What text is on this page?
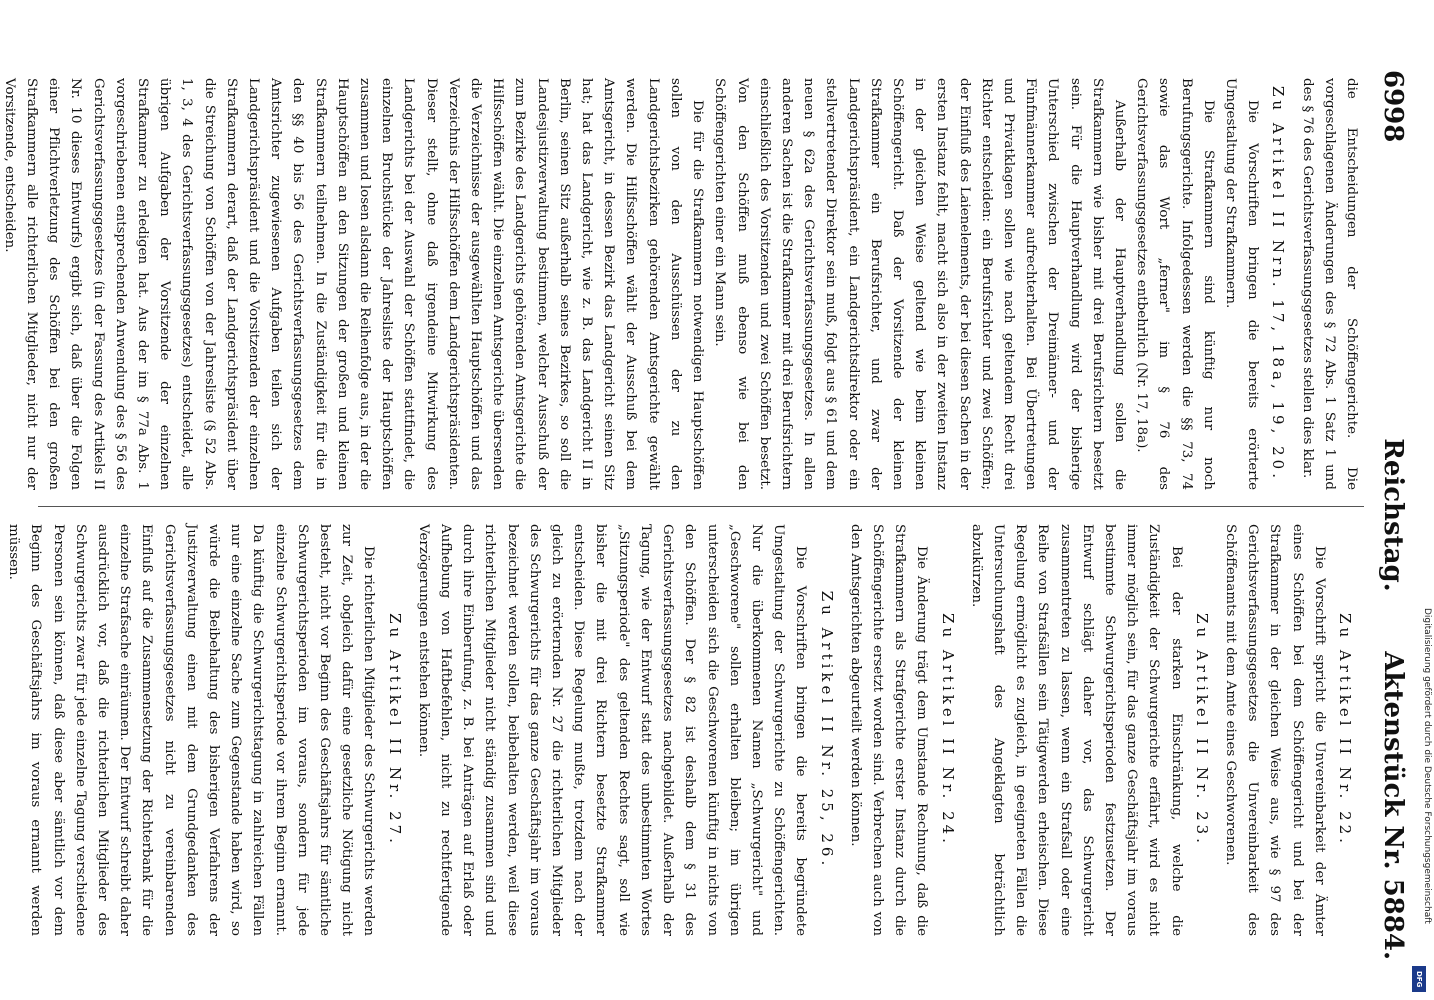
6998
Reichstag.
Aktenstück Nr. 5884.

die Entscheidungen der Schöffengerichte. Die vorgeschlagenen Änderungen des § 72 Abs. 1 Satz 1 und des § 76 des Gerichtsverfassungsgesetzes stellen dies klar.

Zu Artikel II Nrn. 17, 18a, 19, 20.

Die Vorschriften bringen die bereits erörterte Umgestaltung der Strafkammern.

Die Strafkammern sind künftig nur noch Berufungsgerichte. Infolgedessen werden die §§ 73, 74 sowie das Wort „ferner" im § 76 des Gerichtsverfassungsgesetzes entbehrlich (Nr. 17, 18a).

Außerhalb der Hauptverhandlung sollen die Strafkammern wie bisher mit drei Berufsrichtern besetzt sein. Für die Hauptverhandlung wird der bisherige Unterschied zwischen der Dreimänner- und der Fünfmännerkammer aufrechterhalten. Bei Übertretungen und Privatklagen sollen wie nach geltendem Recht drei Richter entscheiden: ein Berufsrichter und zwei Schöffen; der Einfluß des Laienelements, der bei diesen Sachen in der ersten Instanz fehlt, macht sich also in der zweiten Instanz in der gleichen Weise geltend wie beim kleinen Schöffengericht. Daß der Vorsitzende der kleinen Strafkammer ein Berufsrichter, und zwar der Landgerichtspräsident, ein Landgerichtsdirektor oder ein stellvertretender Direktor sein muß, folgt aus § 61 und dem neuen § 62a des Gerichtsverfassungsgesetzes. In allen anderen Sachen ist die Strafkammer mit drei Berufsrichtern einschließlich des Vorsitzenden und zwei Schöffen besetzt. Von den Schöffen muß ebenso wie bei den Schöffengerichten einer ein Mann sein.

Die für die Strafkammern notwendigen Hauptschöffen sollen von den Ausschüssen der zu den Landgerichtsbezirken gehörenden Amtsgerichte gewählt werden. Die Hilfsschöffen wählt der Ausschuß bei dem Amtsgericht, in dessen Bezirk das Landgericht seinen Sitz hat; hat das Landgericht, wie z. B. das Landgericht II in Berlin, seinen Sitz außerhalb seines Bezirkes, so soll die Landesjustizverwaltung bestimmen, welcher Ausschuß der zum Bezirke des Landgerichts gehörenden Amtsgerichte die Hilfsschöffen wählt. Die einzelnen Amtsgerichte übersenden die Verzeichnisse der ausgewählten Hauptschöffen und das Verzeichnis der Hilfsschöffen dem Landgerichtspräsidenten. Dieser stellt, ohne daß irgendeine Mitwirkung des Landgerichts bei der Auswahl der Schöffen stattfindet, die einzelnen Bruchstücke der Jahresliste der Hauptschöffen zusammen und losen alsdann die Reihenfolge aus, in der die Hauptschöffen an den Sitzungen der großen und kleinen Strafkammern teilnehmen. In die Zuständigkeit für die in den §§ 40 bis 56 des Gerichtsverfassungsgesetzes dem Amtsrichter zugewiesenen Aufgaben teilen sich der Landgerichtspräsident und die Vorsitzenden der einzelnen Strafkammern derart, daß der Landgerichtspräsident über die Streichung von Schöffen von der Jahresliste (§ 52 Abs. 1, 3, 4 des Gerichtsverfassungsgesetzes) entscheidet, alle übrigen Aufgaben der Vorsitzende der einzelnen Strafkammer zu erledigen hat. Aus der im § 77a Abs. 1 vorgeschriebenen entsprechenden Anwendung des § 56 des Gerichtsverfassungsgesetzes (in der Fassung des Artikels II Nr. 10 dieses Entwurfs) ergibt sich, daß über die Folgen einer Pflichtverletzung des Schöffen bei den großen Strafkammern alle richterlichen Mitglieder, nicht nur der Vorsitzende, entscheiden.

Zu Artikel II Nr. 22.

Die Vorschrift spricht die Unvereinbarkeit der Ämter eines Schöffen bei dem Schöffengericht und bei der Strafkammer in der gleichen Weise aus, wie § 97 des Gerichtsverfassungsgesetzes die Unvereinbarkeit des Schöffenamts mit dem Amte eines Geschworenen.

Zu Artikel II Nr. 23.

Bei der starken Einschränkung, welche die Zuständigkeit der Schwurgerichte erfährt, wird es nicht immer möglich sein, für das ganze Geschäftsjahr im voraus bestimmte Schwurgerichtsperioden festzusetzen. Der Entwurf schlägt daher vor, das Schwurgericht zusammentreten zu lassen, wenn ein Strafsall oder eine Reihe von Strafsällen sein Tätigwerden erheischen. Diese Regelung ermöglicht es zugleich, in geeigneten Fällen die Untersuchungshaft des Angeklagten beträchtlich abzukürzen.

Zu Artikel II Nr. 24.

Die Änderung trägt dem Umstande Rechnung, daß die Strafkammern als Strafgerichte erster Instanz durch die Schöffengerichte ersetzt worden sind. Verbrechen auch von den Amtsgerichten abgeurteilt werden können.

Zu Artikel II Nr. 25, 26.

Die Vorschriften bringen die bereits begründete Umgestaltung der Schwurgerichte zu Schöffengerichten. Nur die überkommenen Namen „Schwurgericht" und „Geschworene" sollen erhalten bleiben; im übrigen unterscheiden sich die Geschworenen künftig in nichts von den Schöffen. Der § 82 ist deshalb dem § 31 des Gerichtsverfassungsgesetzes nachgebildet. Außerhalb der Tagung, wie der Entwurf statt des unbestimmten Wortes „Sitzungsperiode" des geltenden Rechtes sagt, soll wie bisher die mit drei Richtern besetzte Strafkammer entscheiden. Diese Regelung mußte, trotzdem nach der gleich zu erörternden Nr. 27 die richterlichen Mitglieder des Schwurgerichts für das ganze Geschäftsjahr im voraus bezeichnet werden sollen, beibehalten werden, weil diese richterlichen Mitglieder nicht ständig zusammen sind und durch ihre Einberufung, z. B. bei Anträgen auf Erlaß oder Aufhebung von Haftbefehlen, nicht zu rechtfertigende Verzögerungen entstehen können.

Zu Artikel II Nr. 27.

Die richterlichen Mitglieder des Schwurgerichts werden zur Zeit, obgleich dafür eine gesetzliche Nötigung nicht besteht, nicht vor Beginn des Geschäftsjahrs für sämtliche Schwurgerichtsperioden im voraus, sondern für jede einzelne Schwurgerichtsperiode vor ihrem Beginn ernannt. Da künftig die Schwurgerichtstagung in zahlreichen Fällen nur eine einzelne Sache zum Gegenstande haben wird, so würde die Beibehaltung des bisherigen Verfahrens der Justizverwaltung einen mit dem Grundgedanken des Gerichtsverfassungsgesetzes nicht zu vereinbarenden Einfluß auf die Zusammensetzung der Richterbank für die einzelne Strafsache einräumen. Der Entwurf schreibt daher ausdrücklich vor, daß die richterlichen Mitglieder des Schwurgerichts zwar für jede einzelne Tagung verschiedene Personen sein können, daß diese aber sämtlich vor dem Beginn des Geschäftsjahrs im voraus ernannt werden müssen.

Digitalisierung gefördert durch die Deutsche Forschungsgemeinschaft
DFG
